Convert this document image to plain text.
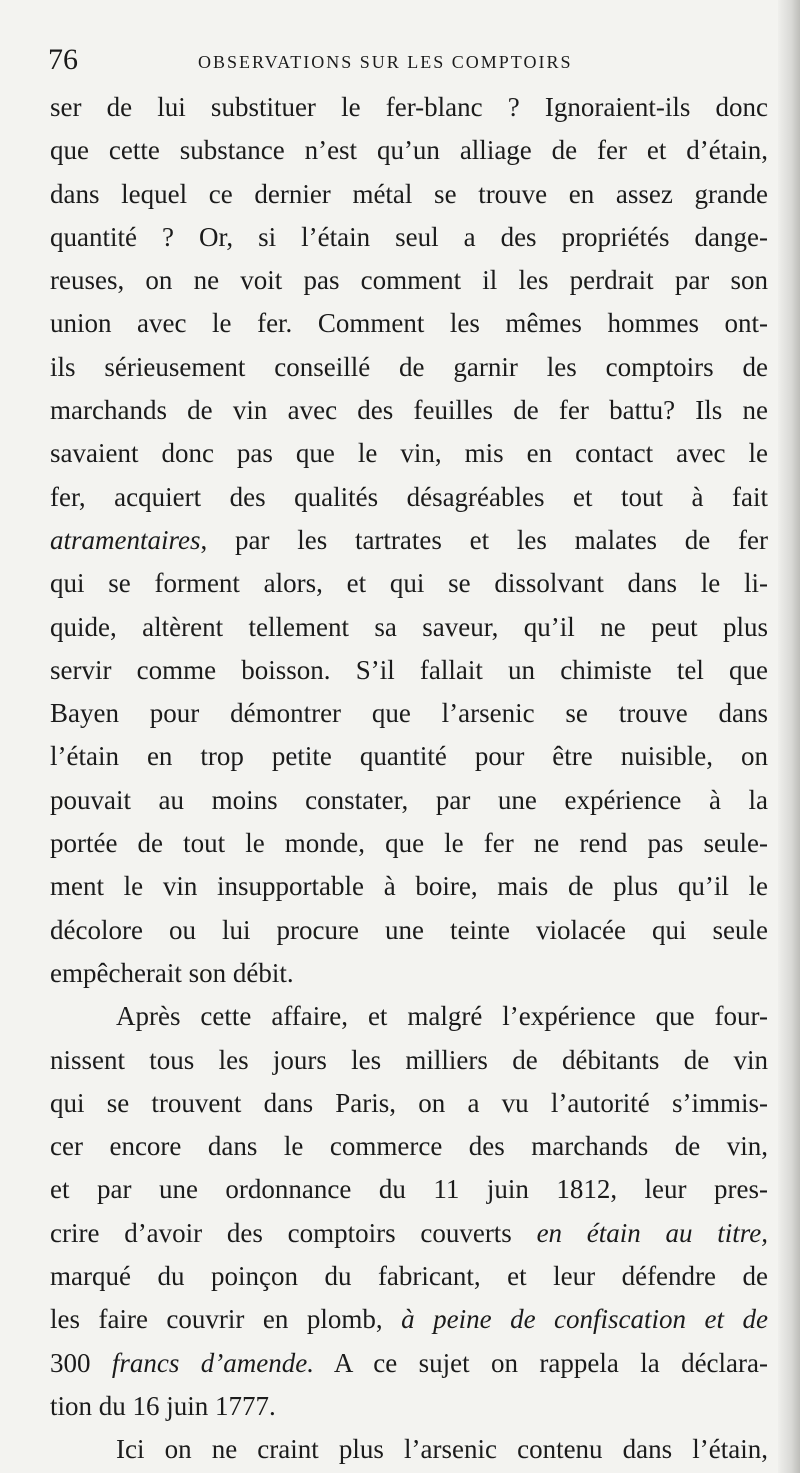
76	OBSERVATIONS SUR LES COMPTOIRS
ser de lui substituer le fer-blanc ? Ignoraient-ils donc
que cette substance n’est qu’un alliage de fer et d’étain,
dans lequel ce dernier métal se trouve en assez grande
quantité ? Or, si l’étain seul a des propriétés dange-
reuses, on ne voit pas comment il les perdrait par son
union avec le fer. Comment les mêmes hommes ont-
ils sérieusement conseillé de garnir les comptoirs de
marchands de vin avec des feuilles de fer battu? Ils ne
savaient donc pas que le vin, mis en contact avec le
fer, acquiert des qualités désagréables et tout à fait
atramentaires, par les tartrates et les malates de fer
qui se forment alors, et qui se dissolvant dans le li-
quide, altèrent tellement sa saveur, qu’il ne peut plus
servir comme boisson. S’il fallait un chimiste tel que
Bayen pour démontrer que l’arsenic se trouve dans
l’étain en trop petite quantité pour être nuisible, on
pouvait au moins constater, par une expérience à la
portée de tout le monde, que le fer ne rend pas seule-
ment le vin insupportable à boire, mais de plus qu’il le
décolore ou lui procure une teinte violacée qui seule
empêcherait son débit.
Après cette affaire, et malgré l’expérience que four-
nissent tous les jours les milliers de débitants de vin
qui se trouvent dans Paris, on a vu l’autorité s’immis-
cer encore dans le commerce des marchands de vin,
et par une ordonnance du 11 juin 1812, leur pres-
crire d’avoir des comptoirs couverts en étain au titre,
marqué du poinçon du fabricant, et leur défendre de
les faire couvrir en plomb, à peine de confiscation et de
300 francs d’amende. A ce sujet on rappela la déclara-
tion du 16 juin 1777.
Ici on ne craint plus l’arsenic contenu dans l’étain,
